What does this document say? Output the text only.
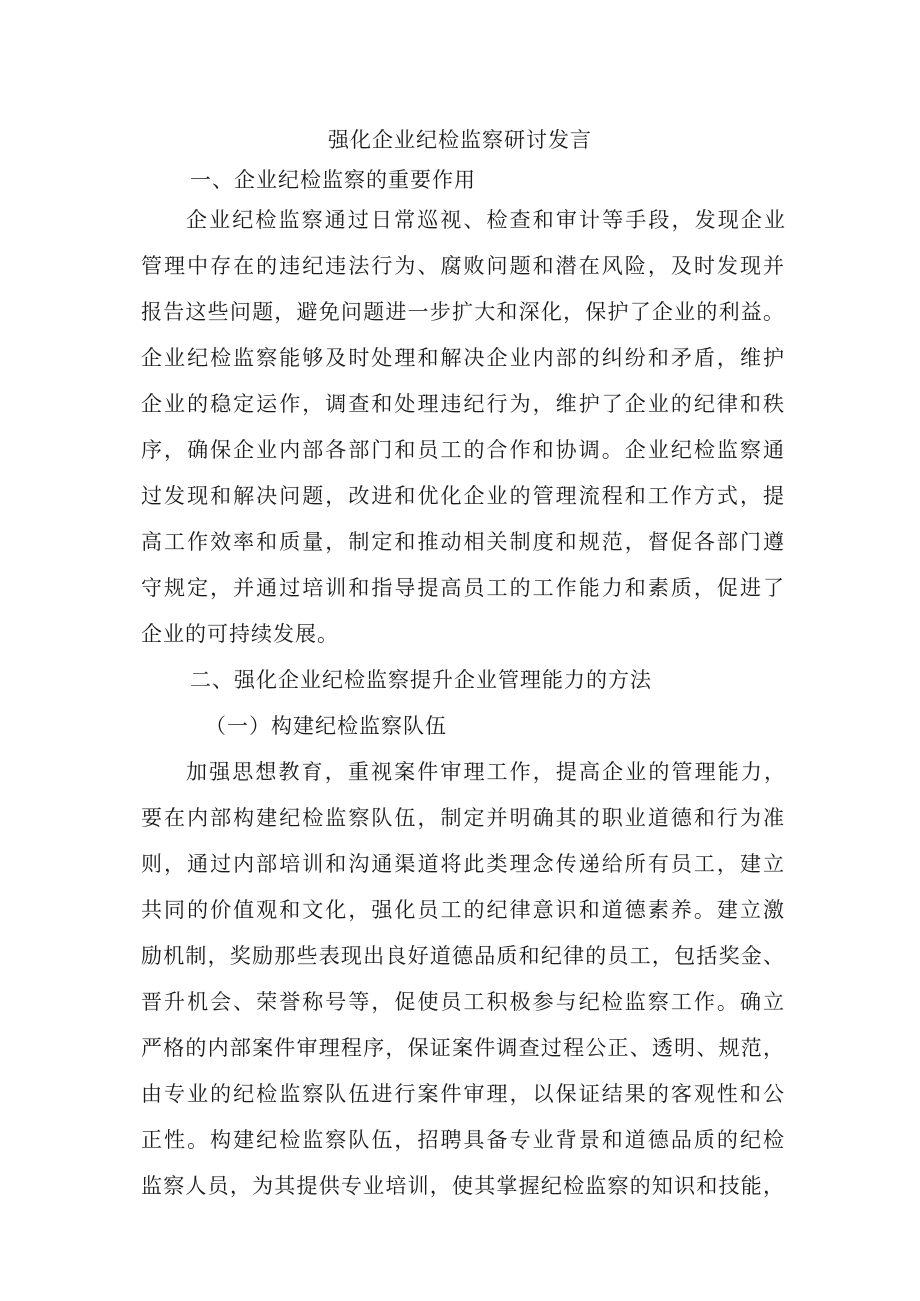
强化企业纪检监察研讨发言
一、企业纪检监察的重要作用
企业纪检监察通过日常巡视、检查和审计等手段，发现企业
管理中存在的违纪违法行为、腐败问题和潜在风险，及时发现并
报告这些问题，避免问题进一步扩大和深化，保护了企业的利益。
企业纪检监察能够及时处理和解决企业内部的纠纷和矛盾，维护
企业的稳定运作，调查和处理违纪行为，维护了企业的纪律和秩
序，确保企业内部各部门和员工的合作和协调。企业纪检监察通
过发现和解决问题，改进和优化企业的管理流程和工作方式，提
高工作效率和质量，制定和推动相关制度和规范，督促各部门遵
守规定，并通过培训和指导提高员工的工作能力和素质，促进了
企业的可持续发展。
二、强化企业纪检监察提升企业管理能力的方法
（一）构建纪检监察队伍
加强思想教育，重视案件审理工作，提高企业的管理能力，
要在内部构建纪检监察队伍，制定并明确其的职业道德和行为准
则，通过内部培训和沟通渠道将此类理念传递给所有员工，建立
共同的价值观和文化，强化员工的纪律意识和道德素养。建立激
励机制，奖励那些表现出良好道德品质和纪律的员工，包括奖金、
晋升机会、荣誉称号等，促使员工积极参与纪检监察工作。确立
严格的内部案件审理程序，保证案件调查过程公正、透明、规范，
由专业的纪检监察队伍进行案件审理，以保证结果的客观性和公
正性。构建纪检监察队伍，招聘具备专业背景和道德品质的纪检
监察人员，为其提供专业培训，使其掌握纪检监察的知识和技能，
